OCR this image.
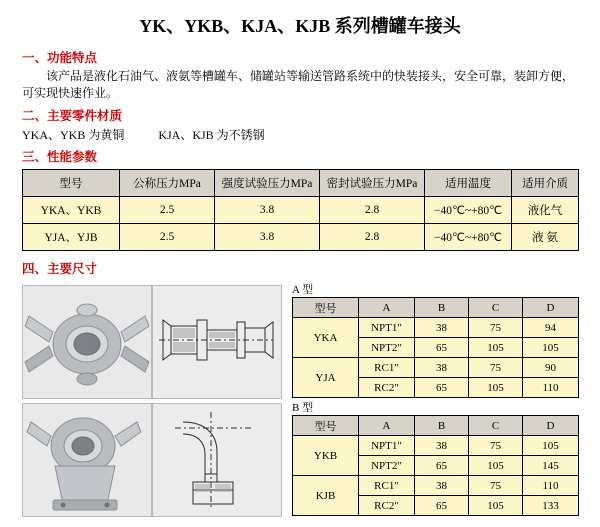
YK、YKB、KJA、KJB 系列槽罐车接头
一、功能特点
该产品是液化石油气、液氨等槽罐车、储罐站等输送管路系统中的快装接头，安全可靠，装卸方便，可实现快速作业。
二、主要零件材质
YKA、YKB 为黄铜	KJA、KJB 为不锈钢
三、性能参数
型号	公称压力MPa	强度试验压力MPa	密封试验压力MPa	适用温度	适用介质
YKA、YKB	2.5	3.8	2.8	−40℃~+80℃	液化气
YJA、YJB	2.5	3.8	2.8	−40℃~+80℃	液 氨
四、主要尺寸
A 型
型号	A	B	C	D
YKA	NPT1"	38	75	94
	NPT2"	65	105	105
YJA	RC1"	38	75	90
	RC2"	65	105	110
B 型
型号	A	B	C	D
YKB	NPT1"	38	75	105
	NPT2"	65	105	145
KJB	RC1"	38	75	110
	RC2"	65	105	133
